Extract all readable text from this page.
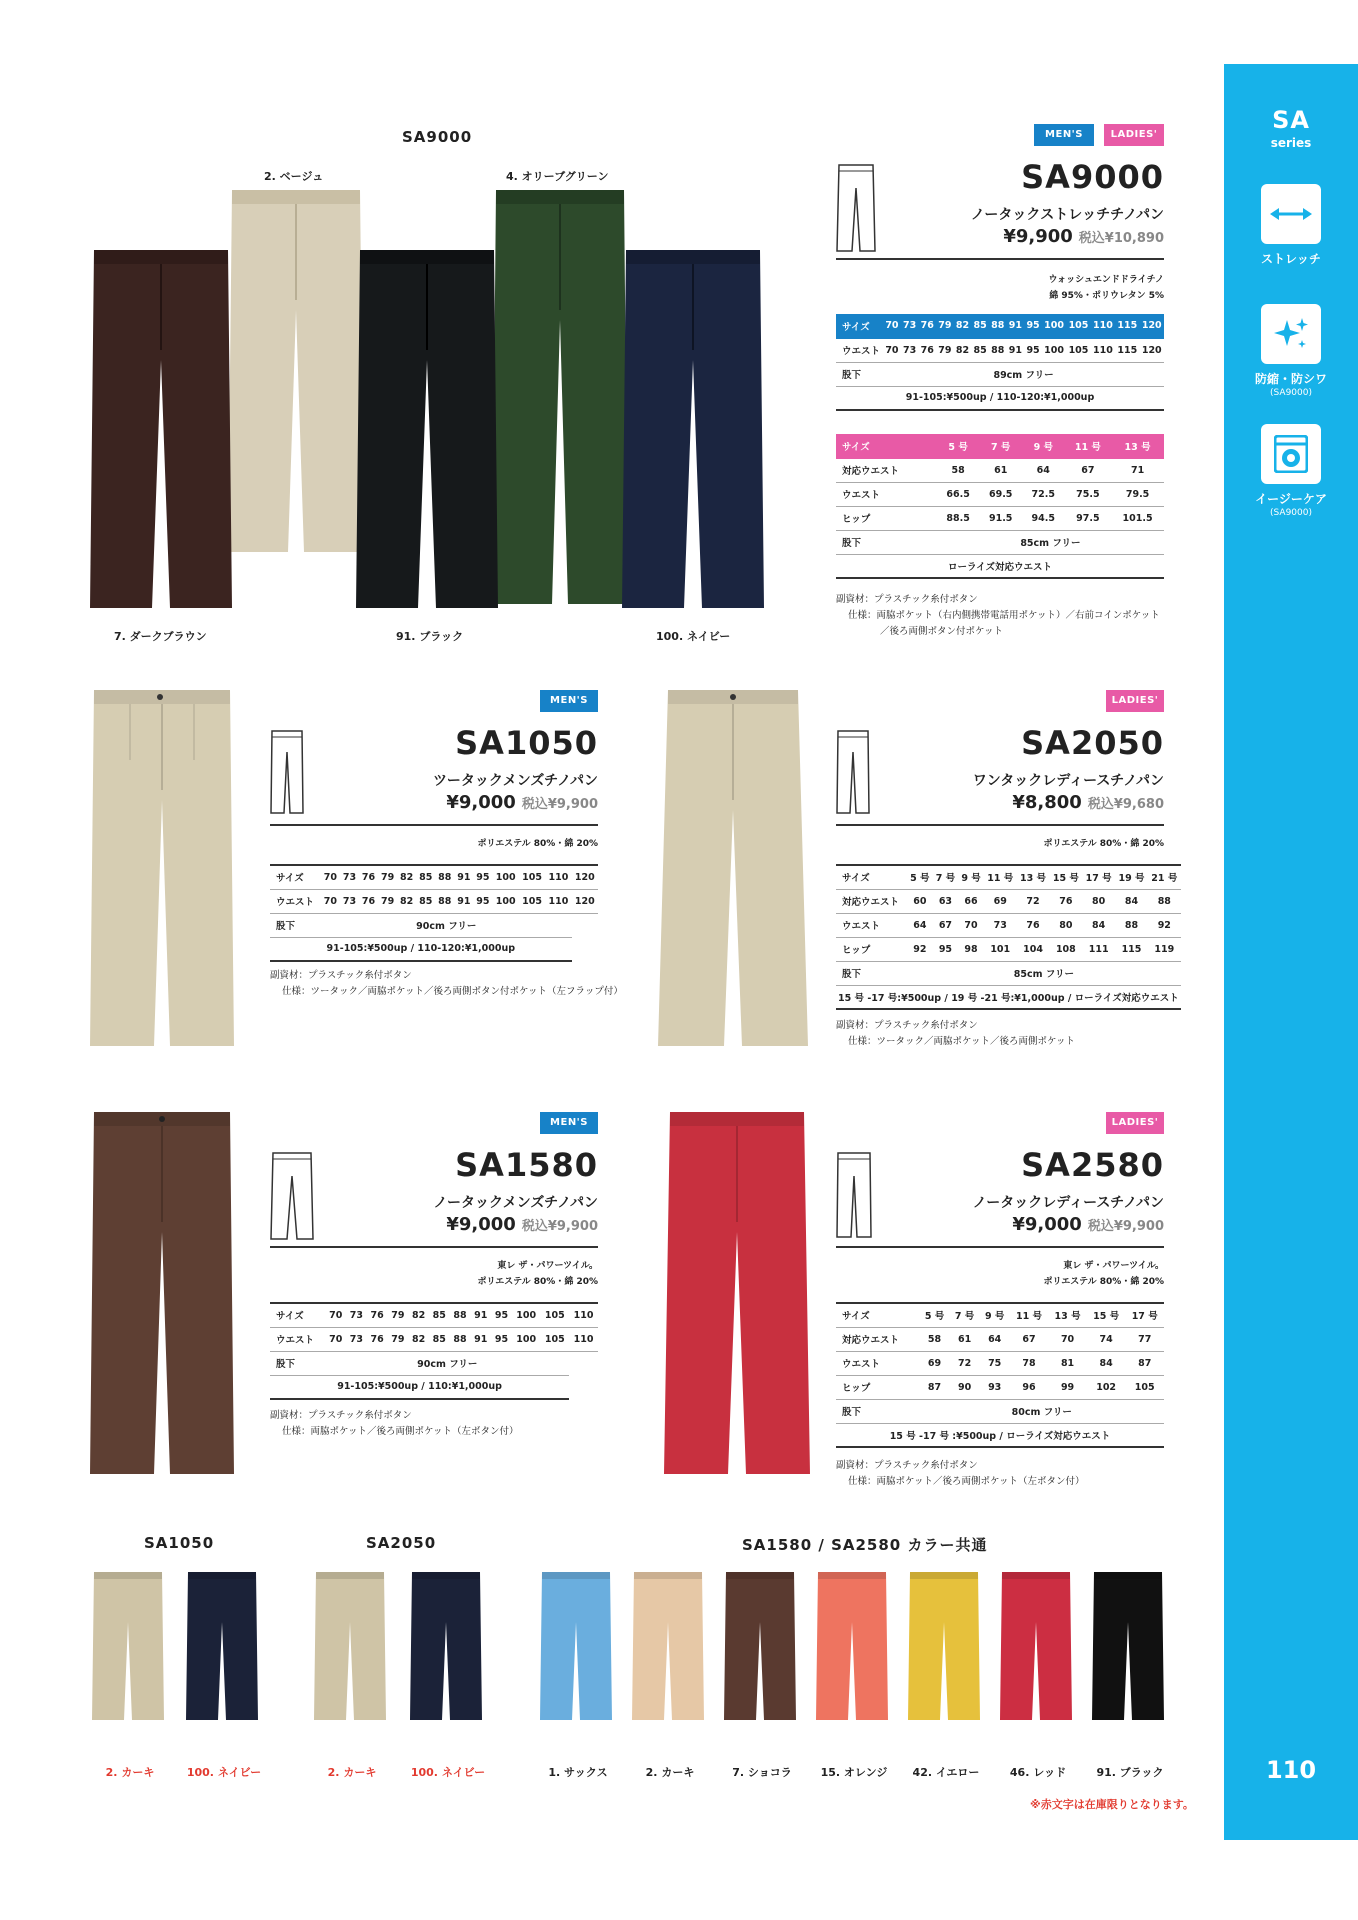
SA
series
ストレッチ
防縮・防シワ
(SA9000)
イージーケア
(SA9000)
110
SA9000
2. ベージュ	4. オリーブグリーン
7. ダークブラウン	91. ブラック	100. ネイビー
MEN'S	LADIES'
SA9000
ノータックストレッチチノパン
¥9,900 税込¥10,890
ウォッシュエンドドライチノ
綿 95%・ポリウレタン 5%
サイズ	70	73	76	79	82	85	88	91	95	100	105	110	115	120
ウエスト	70	73	76	79	82	85	88	91	95	100	105	110	115	120
股下	89cm フリー													
91-105:¥500up / 110-120:¥1,000up														
サイズ	5 号	7 号	9 号	11 号	13 号
対応ウエスト	58	61	64	67	71
ウエスト	66.5	69.5	72.5	75.5	79.5
ヒップ	88.5	91.5	94.5	97.5	101.5
股下	85cm フリー				
ローライズ対応ウエスト					
副資材：プラスチック糸付ボタン
仕様：両脇ポケット（右内側携帯電話用ポケット）／右前コインポケット
／後ろ両側ボタン付ポケット
MEN'S
SA1050
ツータックメンズチノパン
¥9,000 税込¥9,900
ポリエステル 80%・綿 20%
サイズ	70	73	76	79	82	85	88	91	95	100	105	110	120
ウエスト	70	73	76	79	82	85	88	91	95	100	105	110	120
股下	90cm フリー												
91-105:¥500up / 110-120:¥1,000up													
副資材：プラスチック糸付ボタン
仕様：ツータック／両脇ポケット／後ろ両側ボタン付ポケット（左フラップ付）
LADIES'
SA2050
ワンタックレディースチノパン
¥8,800 税込¥9,680
ポリエステル 80%・綿 20%
サイズ	5 号	7 号	9 号	11 号	13 号	15 号	17 号	19 号	21 号
対応ウエスト	60	63	66	69	72	76	80	84	88
ウエスト	64	67	70	73	76	80	84	88	92
ヒップ	92	95	98	101	104	108	111	115	119
股下	85cm フリー								
15 号 -17 号:¥500up / 19 号 -21 号:¥1,000up / ローライズ対応ウエスト									
副資材：プラスチック糸付ボタン
仕様：ツータック／両脇ポケット／後ろ両側ポケット
MEN'S
SA1580
ノータックメンズチノパン
¥9,000 税込¥9,900
東レ ザ・パワーツイル。
ポリエステル 80%・綿 20%
サイズ	70	73	76	79	82	85	88	91	95	100	105	110
ウエスト	70	73	76	79	82	85	88	91	95	100	105	110
股下	90cm フリー											
91-105:¥500up / 110:¥1,000up												
副資材：プラスチック糸付ボタン
仕様：両脇ポケット／後ろ両側ポケット（左ボタン付）
LADIES'
SA2580
ノータックレディースチノパン
¥9,000 税込¥9,900
東レ ザ・パワーツイル。
ポリエステル 80%・綿 20%
サイズ	5 号	7 号	9 号	11 号	13 号	15 号	17 号
対応ウエスト	58	61	64	67	70	74	77
ウエスト	69	72	75	78	81	84	87
ヒップ	87	90	93	96	99	102	105
股下	80cm フリー						
15 号 -17 号 :¥500up / ローライズ対応ウエスト							
副資材：プラスチック糸付ボタン
仕様：両脇ポケット／後ろ両側ポケット（左ボタン付）
SA1050	SA2050	SA1580 / SA2580 カラー共通
2. カーキ	100. ネイビー	2. カーキ	100. ネイビー	1. サックス	2. カーキ	7. ショコラ	15. オレンジ	42. イエロー	46. レッド	91. ブラック
※赤文字は在庫限りとなります。
